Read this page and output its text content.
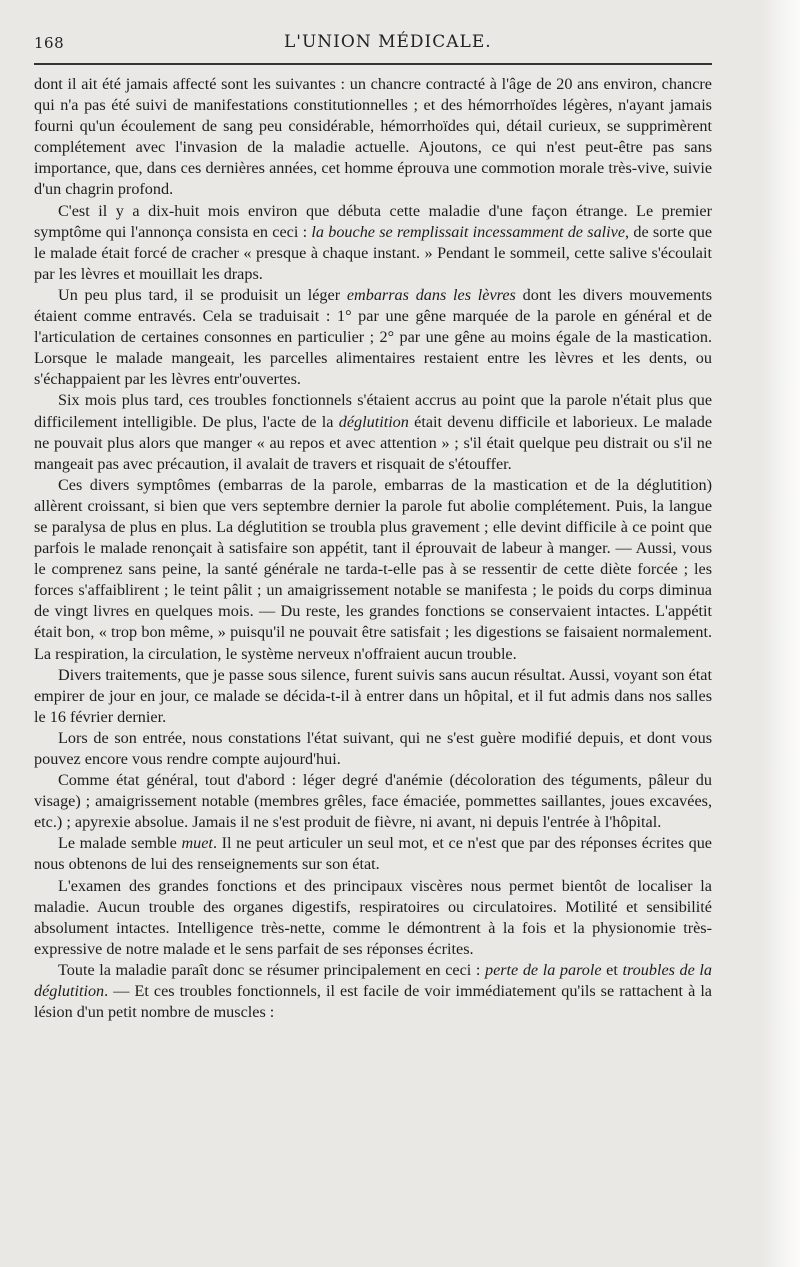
168	L'UNION MÉDICALE.

dont il ait été jamais affecté sont les suivantes : un chancre contracté à l'âge de 20 ans environ, chancre qui n'a pas été suivi de manifestations constitutionnelles ; et des hémorrhoïdes légères, n'ayant jamais fourni qu'un écoulement de sang peu considérable, hémorrhoïdes qui, détail curieux, se supprimèrent complétement avec l'invasion de la maladie actuelle. Ajoutons, ce qui n'est peut-être pas sans importance, que, dans ces dernières années, cet homme éprouva une commotion morale très-vive, suivie d'un chagrin profond.

C'est il y a dix-huit mois environ que débuta cette maladie d'une façon étrange. Le premier symptôme qui l'annonça consista en ceci : la bouche se remplissait incessamment de salive, de sorte que le malade était forcé de cracher « presque à chaque instant. » Pendant le sommeil, cette salive s'écoulait par les lèvres et mouillait les draps.

Un peu plus tard, il se produisit un léger embarras dans les lèvres dont les divers mouvements étaient comme entravés. Cela se traduisait : 1° par une gêne marquée de la parole en général et de l'articulation de certaines consonnes en particulier ; 2° par une gêne au moins égale de la mastication. Lorsque le malade mangeait, les parcelles alimentaires restaient entre les lèvres et les dents, ou s'échappaient par les lèvres entr'ouvertes.

Six mois plus tard, ces troubles fonctionnels s'étaient accrus au point que la parole n'était plus que difficilement intelligible. De plus, l'acte de la déglutition était devenu difficile et laborieux. Le malade ne pouvait plus alors que manger « au repos et avec attention » ; s'il était quelque peu distrait ou s'il ne mangeait pas avec précaution, il avalait de travers et risquait de s'étouffer.

Ces divers symptômes (embarras de la parole, embarras de la mastication et de la déglutition) allèrent croissant, si bien que vers septembre dernier la parole fut abolie complétement. Puis, la langue se paralysa de plus en plus. La déglutition se troubla plus gravement ; elle devint difficile à ce point que parfois le malade renonçait à satisfaire son appétit, tant il éprouvait de labeur à manger. — Aussi, vous le comprenez sans peine, la santé générale ne tarda-t-elle pas à se ressentir de cette diète forcée ; les forces s'affaiblirent ; le teint pâlit ; un amaigrissement notable se manifesta ; le poids du corps diminua de vingt livres en quelques mois. — Du reste, les grandes fonctions se conservaient intactes. L'appétit était bon, « trop bon même, » puisqu'il ne pouvait être satisfait ; les digestions se faisaient normalement. La respiration, la circulation, le système nerveux n'offraient aucun trouble.

Divers traitements, que je passe sous silence, furent suivis sans aucun résultat. Aussi, voyant son état empirer de jour en jour, ce malade se décida-t-il à entrer dans un hôpital, et il fut admis dans nos salles le 16 février dernier.

Lors de son entrée, nous constations l'état suivant, qui ne s'est guère modifié depuis, et dont vous pouvez encore vous rendre compte aujourd'hui.

Comme état général, tout d'abord : léger degré d'anémie (décoloration des téguments, pâleur du visage) ; amaigrissement notable (membres grêles, face émaciée, pommettes saillantes, joues excavées, etc.) ; apyrexie absolue. Jamais il ne s'est produit de fièvre, ni avant, ni depuis l'entrée à l'hôpital.

Le malade semble muet. Il ne peut articuler un seul mot, et ce n'est que par des réponses écrites que nous obtenons de lui des renseignements sur son état.

L'examen des grandes fonctions et des principaux viscères nous permet bientôt de localiser la maladie. Aucun trouble des organes digestifs, respiratoires ou circulatoires. Motilité et sensibilité absolument intactes. Intelligence très-nette, comme le démontrent à la fois et la physionomie très-expressive de notre malade et le sens parfait de ses réponses écrites.

Toute la maladie paraît donc se résumer principalement en ceci : perte de la parole et troubles de la déglutition. — Et ces troubles fonctionnels, il est facile de voir immédiatement qu'ils se rattachent à la lésion d'un petit nombre de muscles :
